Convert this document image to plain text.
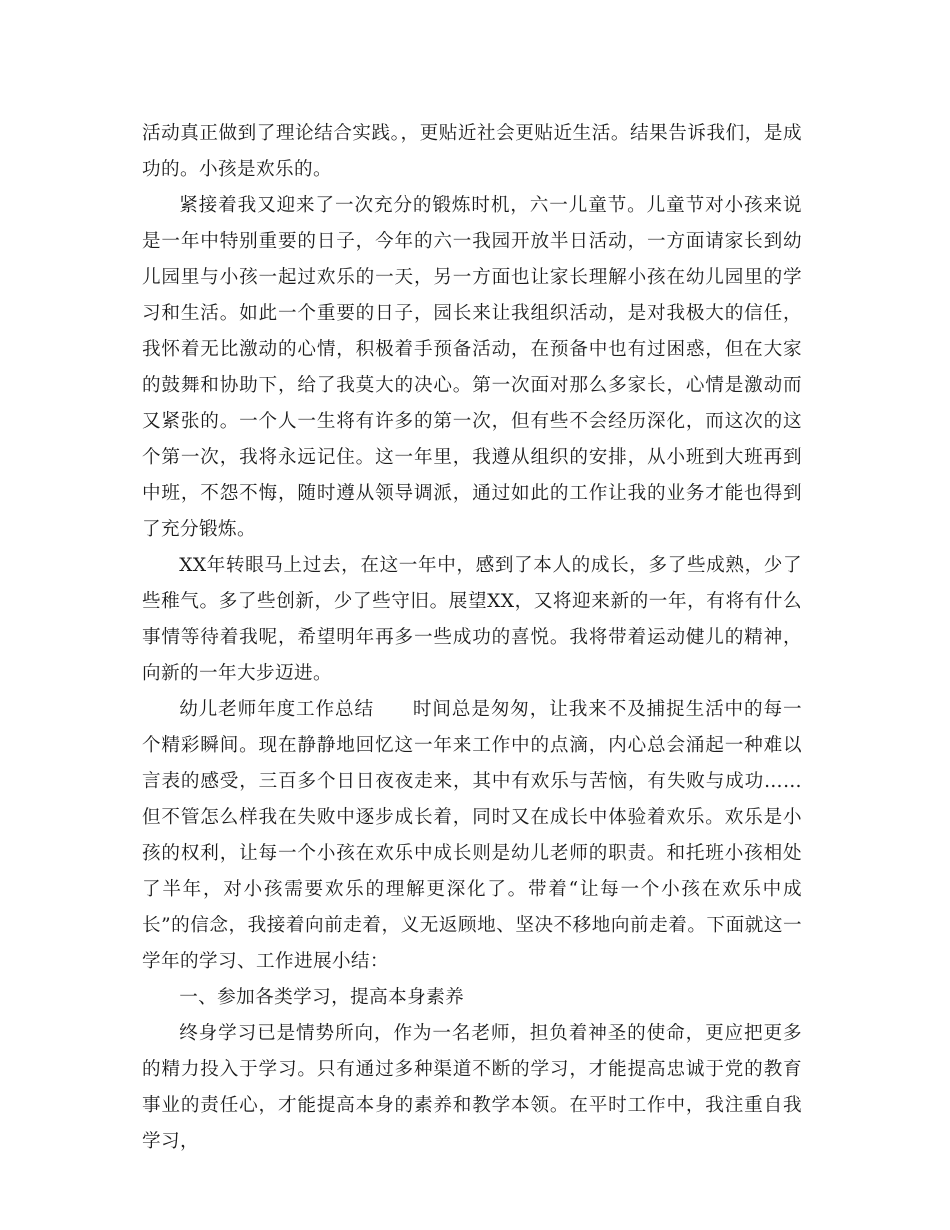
活动真正做到了理论结合实践。，更贴近社会更贴近生活。结果告诉我们，是成功的。小孩是欢乐的。

紧接着我又迎来了一次充分的锻炼时机，六一儿童节。儿童节对小孩来说是一年中特别重要的日子，今年的六一我园开放半日活动，一方面请家长到幼儿园里与小孩一起过欢乐的一天，另一方面也让家长理解小孩在幼儿园里的学习和生活。如此一个重要的日子，园长来让我组织活动，是对我极大的信任，我怀着无比激动的心情，积极着手预备活动，在预备中也有过困惑，但在大家的鼓舞和协助下，给了我莫大的决心。第一次面对那么多家长，心情是激动而又紧张的。一个人一生将有许多的第一次，但有些不会经历深化，而这次的这个第一次，我将永远记住。这一年里，我遵从组织的安排，从小班到大班再到中班，不怨不悔，随时遵从领导调派，通过如此的工作让我的业务才能也得到了充分锻炼。

XX年转眼马上过去，在这一年中，感到了本人的成长，多了些成熟，少了些稚气。多了些创新，少了些守旧。展望XX，又将迎来新的一年，有将有什么事情等待着我呢，希望明年再多一些成功的喜悦。我将带着运动健儿的精神，向新的一年大步迈进。

幼儿老师年度工作总结　　时间总是匆匆，让我来不及捕捉生活中的每一个精彩瞬间。现在静静地回忆这一年来工作中的点滴，内心总会涌起一种难以言表的感受，三百多个日日夜夜走来，其中有欢乐与苦恼，有失败与成功……但不管怎么样我在失败中逐步成长着，同时又在成长中体验着欢乐。欢乐是小孩的权利，让每一个小孩在欢乐中成长则是幼儿老师的职责。和托班小孩相处了半年，对小孩需要欢乐的理解更深化了。带着“让每一个小孩在欢乐中成长”的信念，我接着向前走着，义无返顾地、坚决不移地向前走着。下面就这一学年的学习、工作进展小结：

一、参加各类学习，提高本身素养

终身学习已是情势所向，作为一名老师，担负着神圣的使命，更应把更多的精力投入于学习。只有通过多种渠道不断的学习，才能提高忠诚于党的教育事业的责任心，才能提高本身的素养和教学本领。在平时工作中，我注重自我学习，
